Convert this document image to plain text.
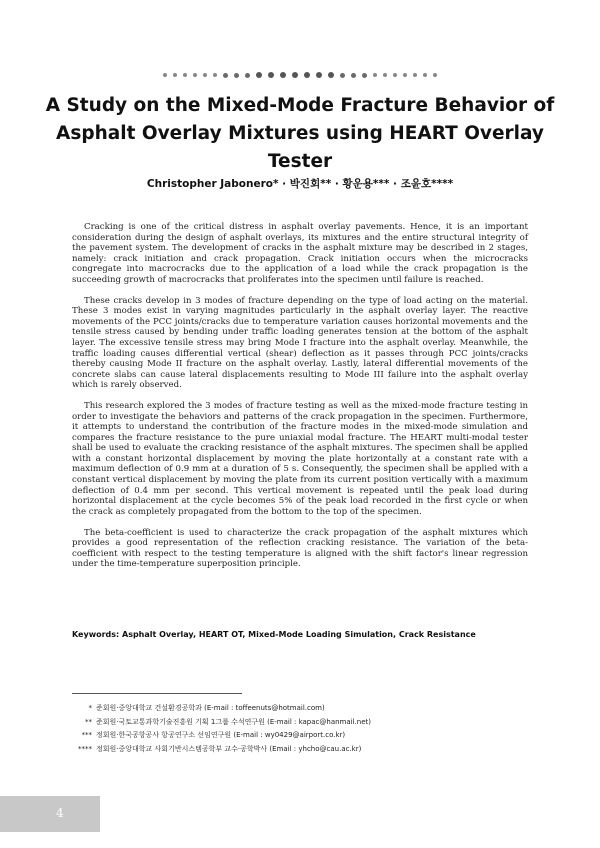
A Study on the Mixed-Mode Fracture Behavior of
Asphalt Overlay Mixtures using HEART Overlay Tester
Christopher Jabonero* · 박진회** · 황운용*** · 조윤호****

Cracking is one of the critical distress in asphalt overlay pavements. Hence, it is an important consideration during the design of asphalt overlays, its mixtures and the entire structural integrity of the pavement system. The development of cracks in the asphalt mixture may be described in 2 stages, namely: crack initiation and crack propagation. Crack initiation occurs when the microcracks congregate into macrocracks due to the application of a load while the crack propagation is the succeeding growth of macrocracks that proliferates into the specimen until failure is reached.

These cracks develop in 3 modes of fracture depending on the type of load acting on the material. These 3 modes exist in varying magnitudes particularly in the asphalt overlay layer. The reactive movements of the PCC joints/cracks due to temperature variation causes horizontal movements and the tensile stress caused by bending under traffic loading generates tension at the bottom of the asphalt layer. The excessive tensile stress may bring Mode I fracture into the asphalt overlay. Meanwhile, the traffic loading causes differential vertical (shear) deflection as it passes through PCC joints/cracks thereby causing Mode II fracture on the asphalt overlay. Lastly, lateral differential movements of the concrete slabs can cause lateral displacements resulting to Mode III failure into the asphalt overlay which is rarely observed.

This research explored the 3 modes of fracture testing as well as the mixed-mode fracture testing in order to investigate the behaviors and patterns of the crack propagation in the specimen. Furthermore, it attempts to understand the contribution of the fracture modes in the mixed-mode simulation and compares the fracture resistance to the pure uniaxial modal fracture. The HEART multi-modal tester shall be used to evaluate the cracking resistance of the asphalt mixtures. The specimen shall be applied with a constant horizontal displacement by moving the plate horizontally at a constant rate with a maximum deflection of 0.9 mm at a duration of 5 s. Consequently, the specimen shall be applied with a constant vertical displacement by moving the plate from its current position vertically with a maximum deflection of 0.4 mm per second. This vertical movement is repeated until the peak load during horizontal displacement at the cycle becomes 5% of the peak load recorded in the first cycle or when the crack as completely propagated from the bottom to the top of the specimen.

The beta-coefficient is used to characterize the crack propagation of the asphalt mixtures which provides a good representation of the reflection cracking resistance. The variation of the beta-coefficient with respect to the testing temperature is aligned with the shift factor's linear regression under the time-temperature superposition principle.

Keywords: Asphalt Overlay, HEART OT, Mixed-Mode Loading Simulation, Crack Resistance
* 준회원·중앙대학교 건설환경공학과 (E-mail : toffeenuts@hotmail.com)
** 준회원·국토교통과학기술진흥원 기획 1그룹 수석연구원 (E-mail : kapac@hanmail.net)
*** 정회원·한국공항공사 항공연구소 선임연구원 (E-mail : wy0429@airport.co.kr)
**** 정회원·중앙대학교 사회기반시스템공학부 교수·공학박사 (Email : yhcho@cau.ac.kr)
4
